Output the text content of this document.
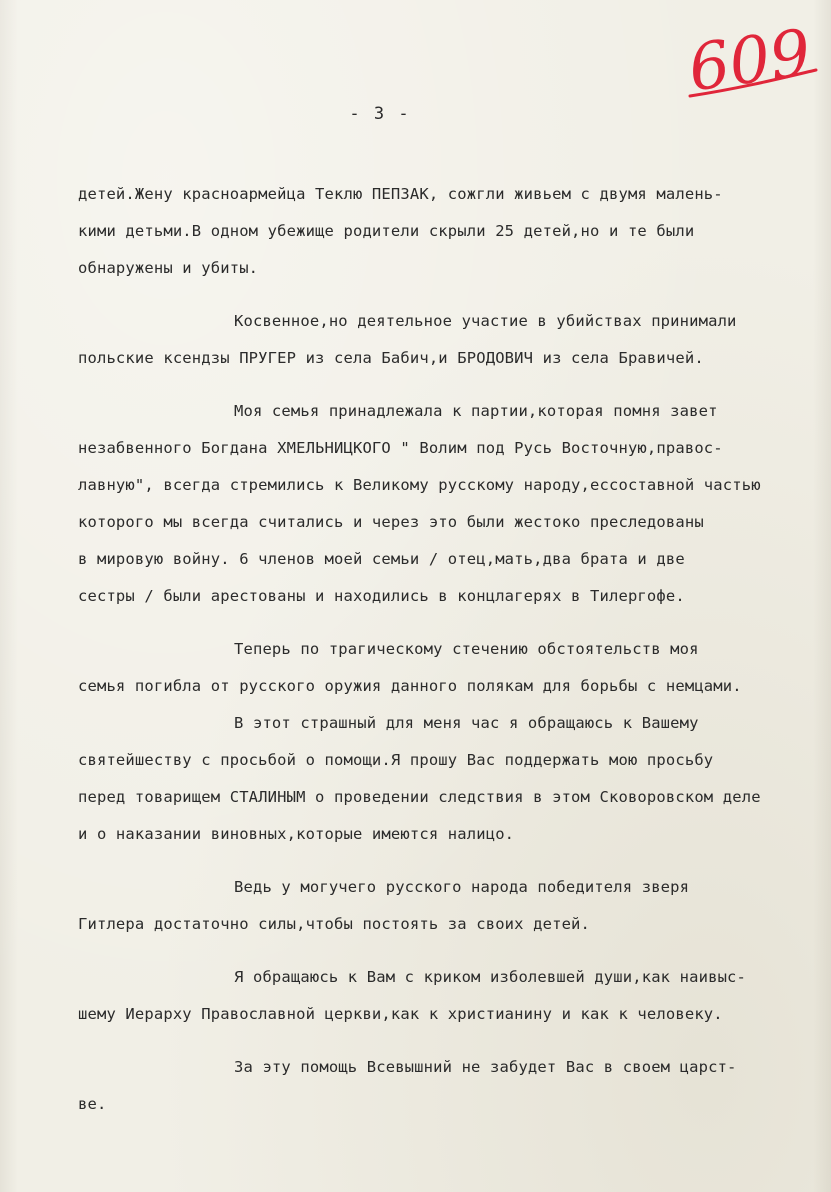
609
- 3 -
детей.Жену красноармейца Теклю ПЕПЗАК, сожгли живьем с двумя малень-
кими детьми.В одном убежище родители скрыли 25 детей,но и те были
обнаружены и убиты.
Косвенное,но деятельное участие в убийствах принимали
польские ксендзы ПРУГЕР из села Бабич,и БРОДОВИЧ из села Бравичей.
Моя семья принадлежала к партии,которая помня завет
незабвенного Богдана ХМЕЛЬНИЦКОГО " Волим под Русь Восточную,правос-
лавную", всегда стремились к Великому русскому народу,ессоставной частью
которого мы всегда считались и через это были жестоко преследованы
в мировую войну. 6 членов моей семьи / отец,мать,два брата и две
сестры / были арестованы и находились в концлагерях в Тилергофе.
Теперь по трагическому стечению обстоятельств моя
семья погибла от русского оружия данного полякам для борьбы с немцами.
В этот страшный для меня час я обращаюсь к Вашему
святейшеству с просьбой о помощи.Я прошу Вас поддержать мою просьбу
перед товарищем СТАЛИНЫМ о проведении следствия в этом Сковоровском деле
и о наказании виновных,которые имеются налицо.
Ведь у могучего русского народа победителя зверя
Гитлера достаточно силы,чтобы постоять за своих детей.
Я обращаюсь к Вам с криком изболевшей души,как наивыс-
шему Иерарху Православной церкви,как к христианину и как к человеку.
За эту помощь Всевышний не забудет Вас в своем царст-
ве.
